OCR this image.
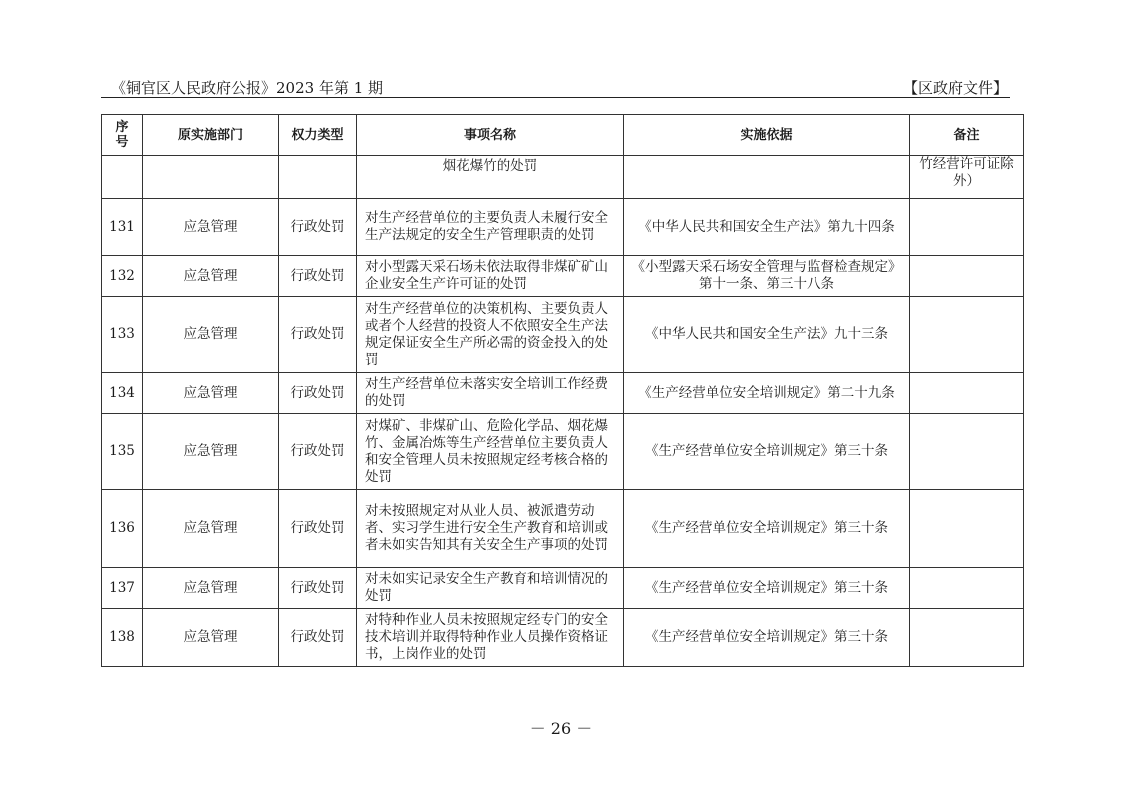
《铜官区人民政府公报》2023 年第 1 期	【区政府文件】
序号	原实施部门	权力类型	事项名称	实施依据	备注
			烟花爆竹的处罚		竹经营许可证除外）
131	应急管理	行政处罚	对生产经营单位的主要负责人未履行安全生产法规定的安全生产管理职责的处罚	《中华人民共和国安全生产法》第九十四条	
132	应急管理	行政处罚	对小型露天采石场未依法取得非煤矿矿山企业安全生产许可证的处罚	《小型露天采石场安全管理与监督检查规定》第十一条、第三十八条	
133	应急管理	行政处罚	对生产经营单位的决策机构、主要负责人或者个人经营的投资人不依照安全生产法规定保证安全生产所必需的资金投入的处罚	《中华人民共和国安全生产法》九十三条	
134	应急管理	行政处罚	对生产经营单位未落实安全培训工作经费的处罚	《生产经营单位安全培训规定》第二十九条	
135	应急管理	行政处罚	对煤矿、非煤矿山、危险化学品、烟花爆竹、金属冶炼等生产经营单位主要负责人和安全管理人员未按照规定经考核合格的处罚	《生产经营单位安全培训规定》第三十条	
136	应急管理	行政处罚	对未按照规定对从业人员、被派遣劳动者、实习学生进行安全生产教育和培训或者未如实告知其有关安全生产事项的处罚	《生产经营单位安全培训规定》第三十条	
137	应急管理	行政处罚	对未如实记录安全生产教育和培训情况的处罚	《生产经营单位安全培训规定》第三十条	
138	应急管理	行政处罚	对特种作业人员未按照规定经专门的安全技术培训并取得特种作业人员操作资格证书，上岗作业的处罚	《生产经营单位安全培训规定》第三十条	
－ 26 －
